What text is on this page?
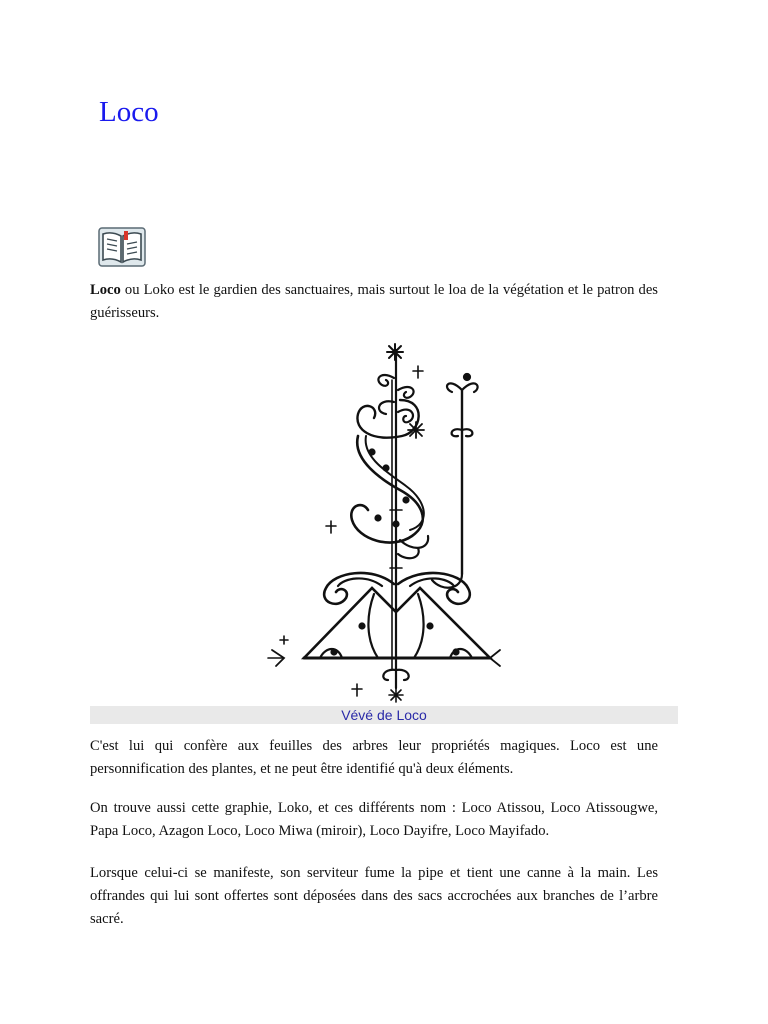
Loco

Loco ou Loko est le gardien des sanctuaires, mais surtout le loa de la végétation et le patron des guérisseurs.

Vévé de Loco

C'est lui qui confère aux feuilles des arbres leur propriétés magiques. Loco est une personnification des plantes, et ne peut être identifié qu'à deux éléments.

On trouve aussi cette graphie, Loko, et ces différents nom : Loco Atissou, Loco Atissougwe, Papa Loco, Azagon Loco, Loco Miwa (miroir), Loco Dayifre, Loco Mayifado.

Lorsque celui-ci se manifeste, son serviteur fume la pipe et tient une canne à la main. Les offrandes qui lui sont offertes sont déposées dans des sacs accrochées aux branches de l’arbre sacré.
